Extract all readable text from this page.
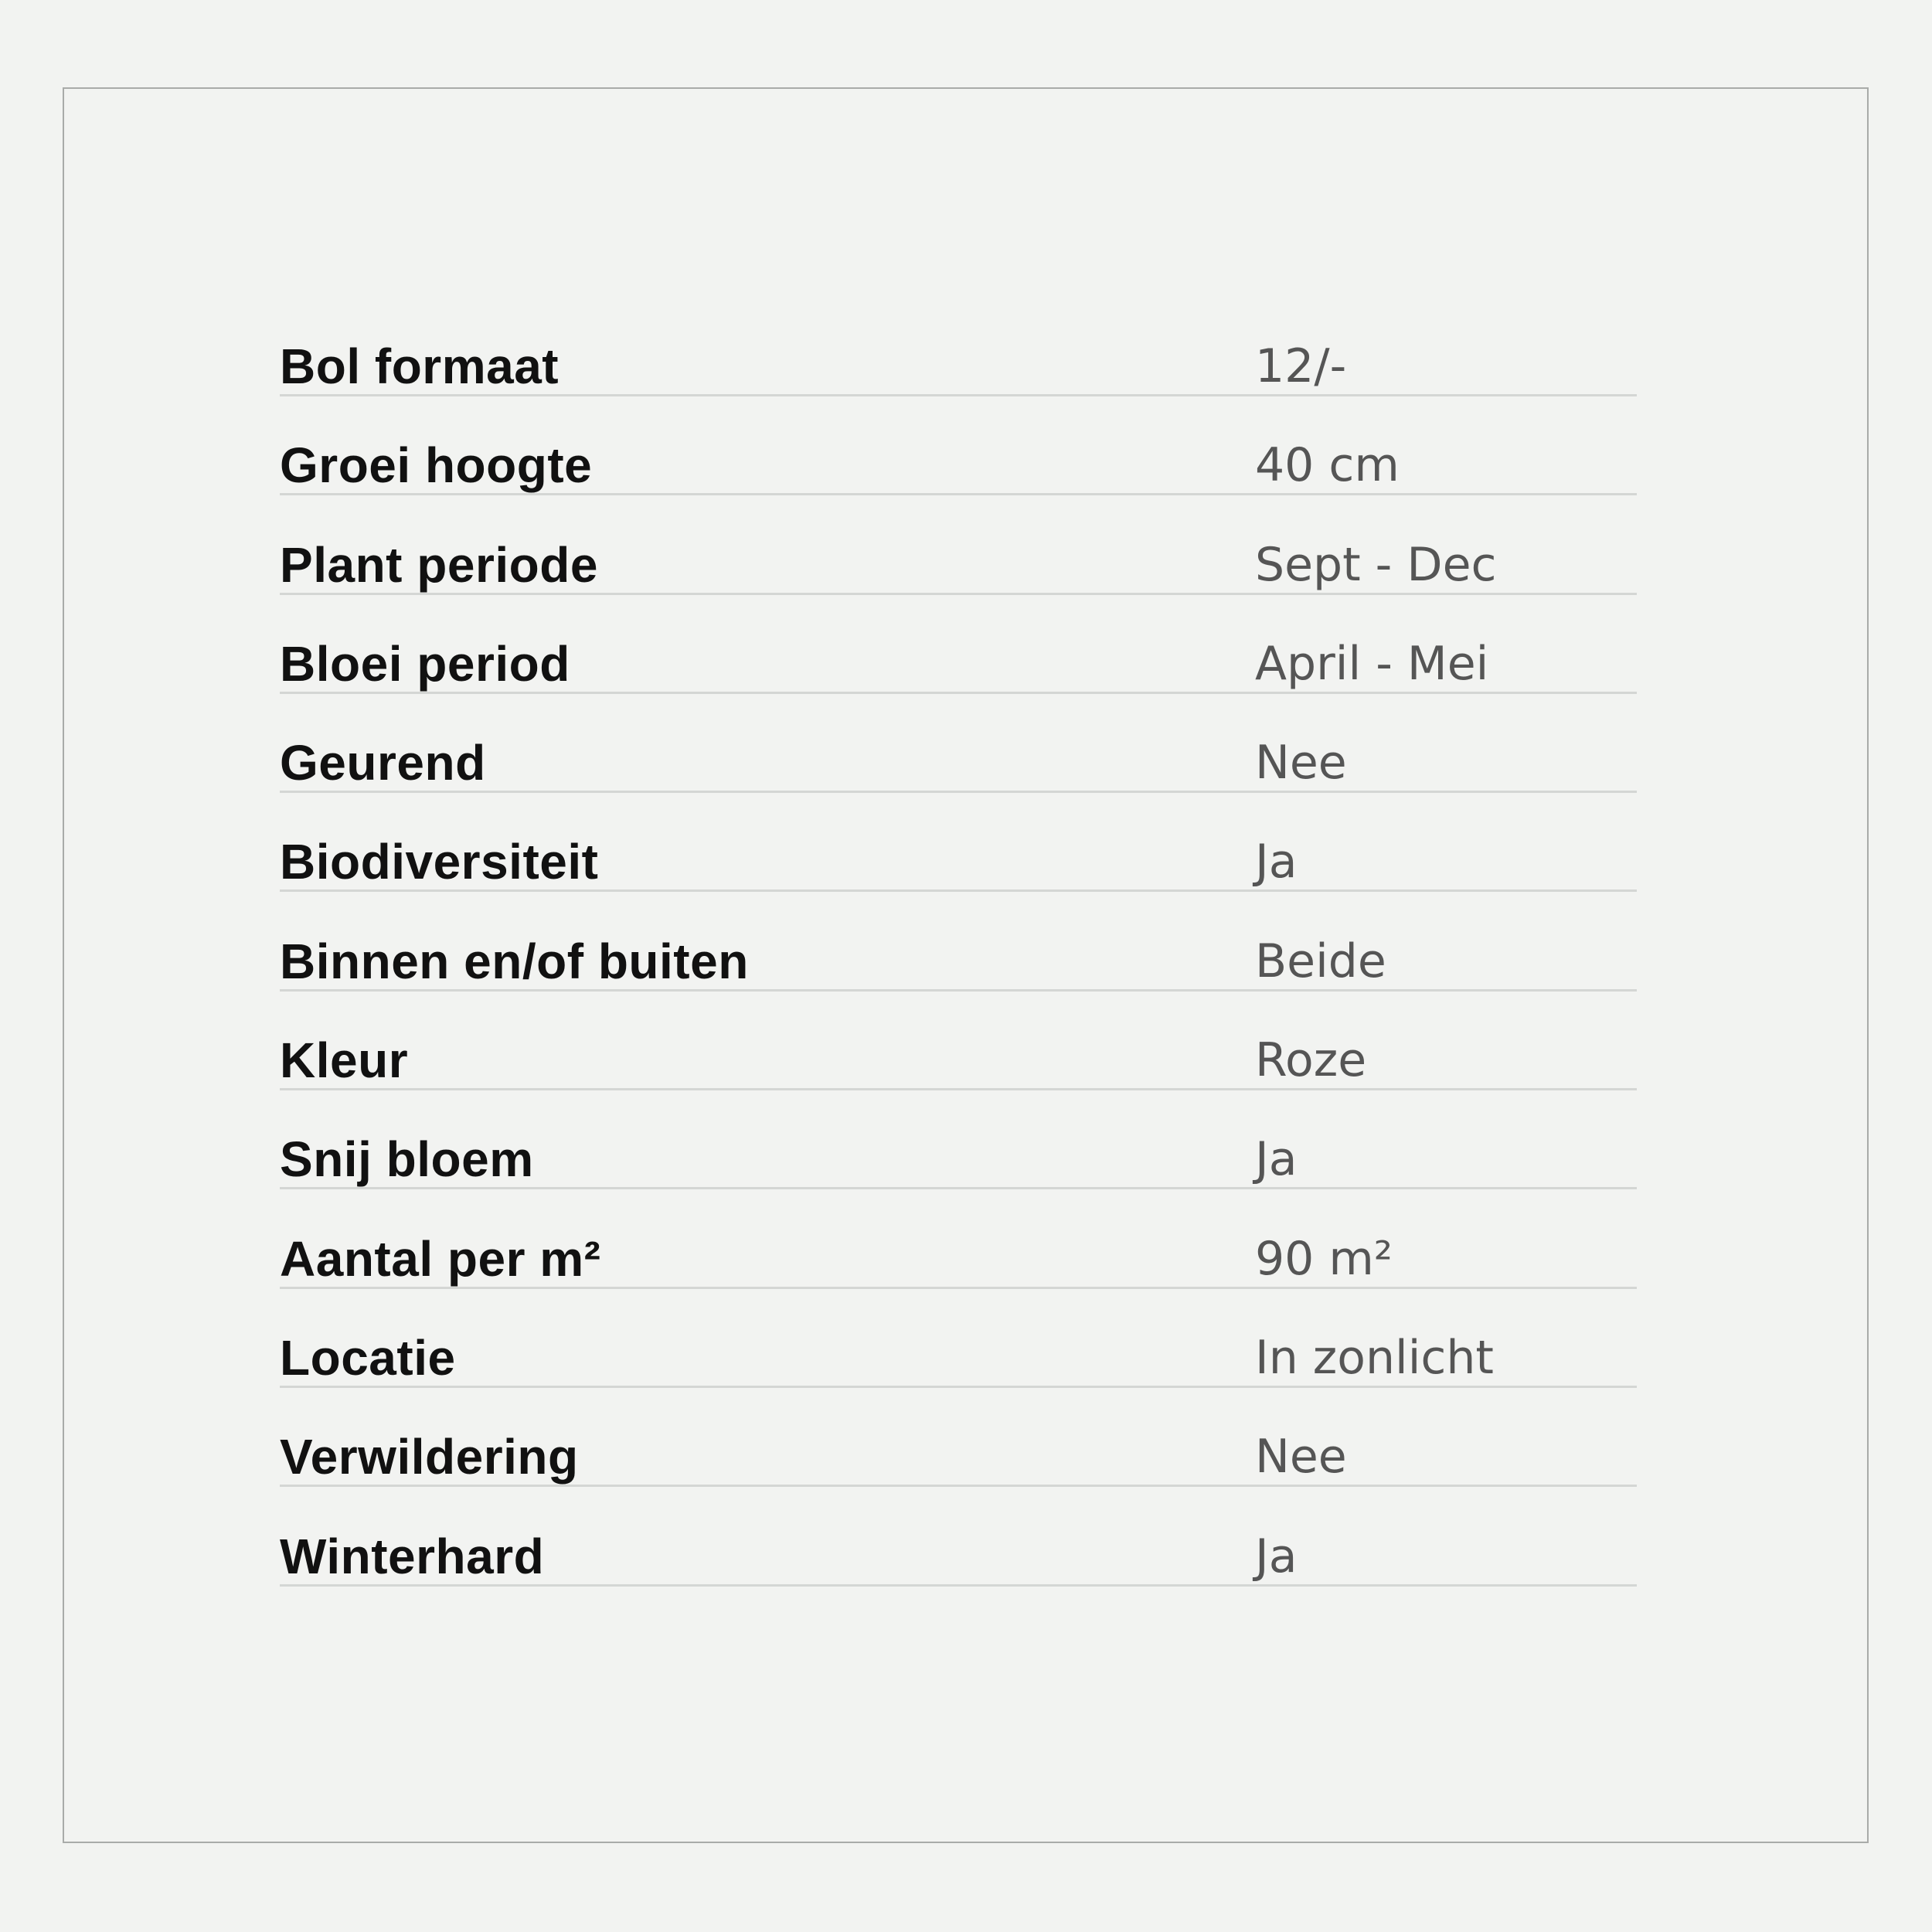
Bol formaat	12/-
Groei hoogte	40 cm
Plant periode	Sept - Dec
Bloei period	April - Mei
Geurend	Nee
Biodiversiteit	Ja
Binnen en/of buiten	Beide
Kleur	Roze
Snij bloem	Ja
Aantal per m²	90 m²
Locatie	In zonlicht
Verwildering	Nee
Winterhard	Ja
